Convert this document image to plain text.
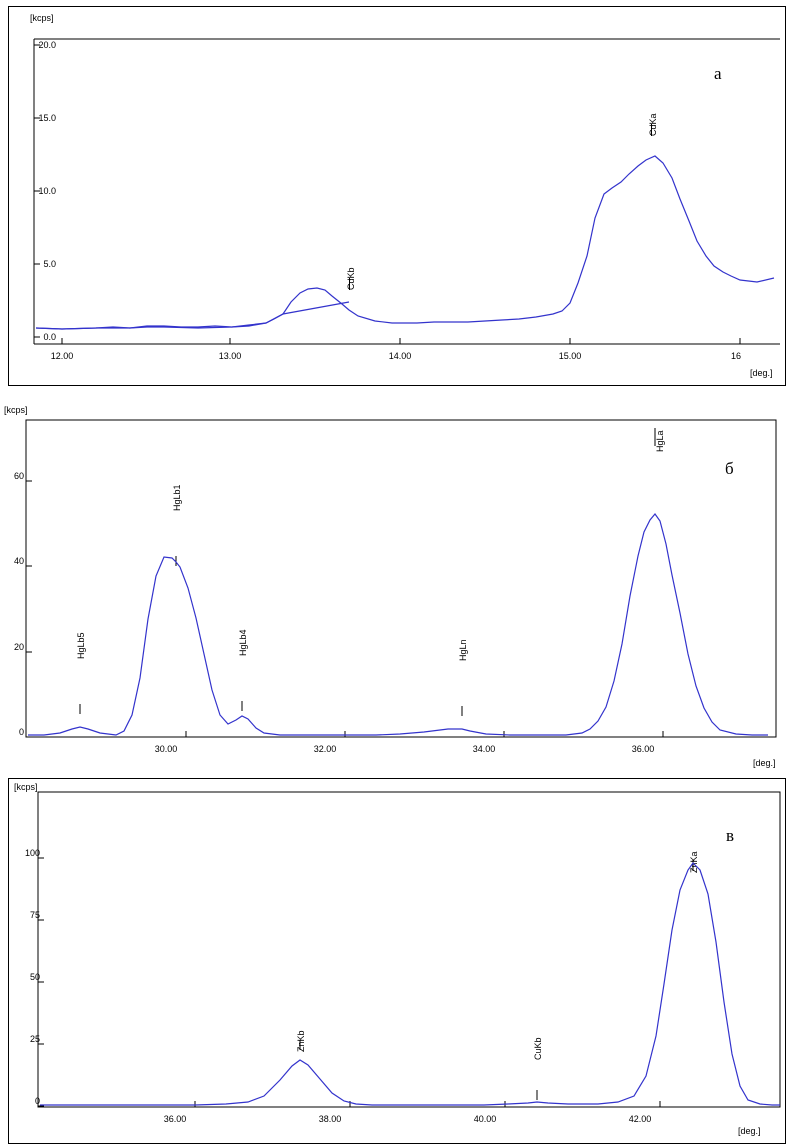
[kcps]
[deg.]
а
0.0
5.0
10.0
15.0
20.0
12.00	13.00	14.00	15.00	16
CdKb
CdKa
[kcps]
[deg.]
б
0
20
40
60
30.00	32.00	34.00	36.00
HgLb5
HgLb1
HgLb4	HgLn
HgLa
[kcps]
[deg.]
в
0
25
50
75
100
36.00	38.00	40.00	42.00
ZnKb	CuKb
ZnKa
